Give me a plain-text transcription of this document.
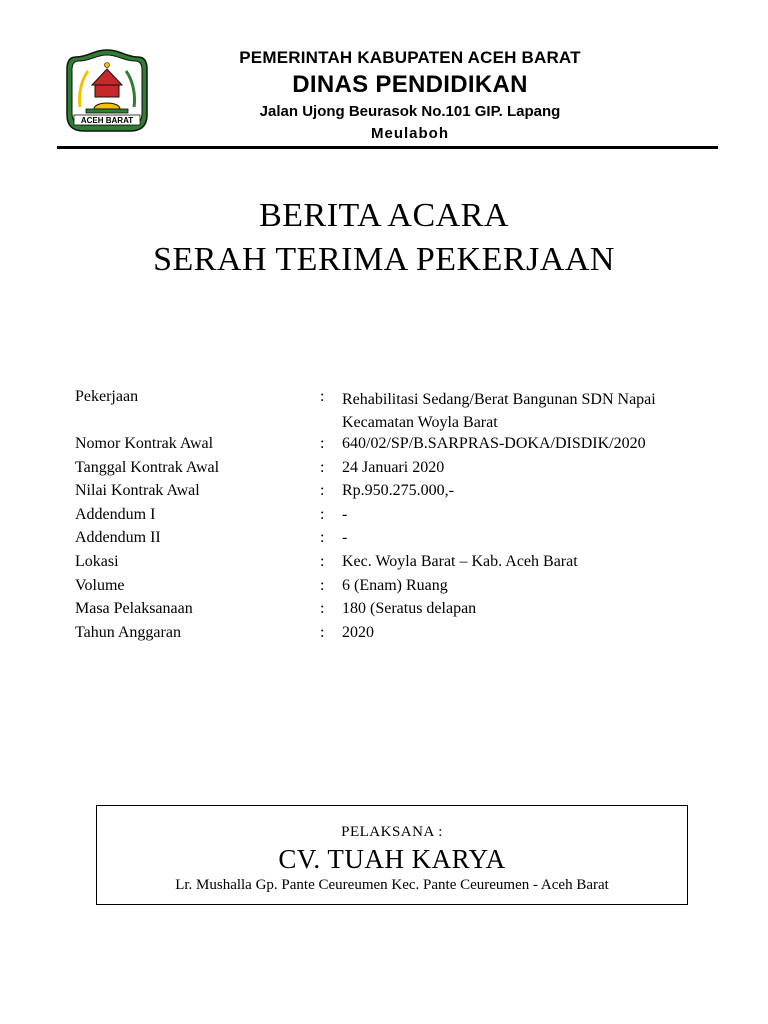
ACEH BARAT
PEMERINTAH KABUPATEN ACEH BARAT
DINAS PENDIDIKAN
Jalan Ujong Beurasok No.101 GIP. Lapang
Meulaboh
BERITA ACARA
SERAH TERIMA PEKERJAAN
Pekerjaan	: Rehabilitasi Sedang/Berat Bangunan SDN Napai
Kecamatan Woyla Barat
Nomor Kontrak Awal	: 640/02/SP/B.SARPRAS-DOKA/DISDIK/2020
Tanggal Kontrak Awal	: 24 Januari 2020
Nilai Kontrak Awal	: Rp.950.275.000,-
Addendum I	: -
Addendum II	: -
Lokasi	: Kec. Woyla Barat – Kab. Aceh Barat
Volume	: 6 (Enam) Ruang
Masa Pelaksanaan	: 180 (Seratus delapan
Tahun Anggaran	: 2020
PELAKSANA :
CV. TUAH KARYA
Lr. Mushalla Gp. Pante Ceureumen Kec. Pante Ceureumen - Aceh Barat
